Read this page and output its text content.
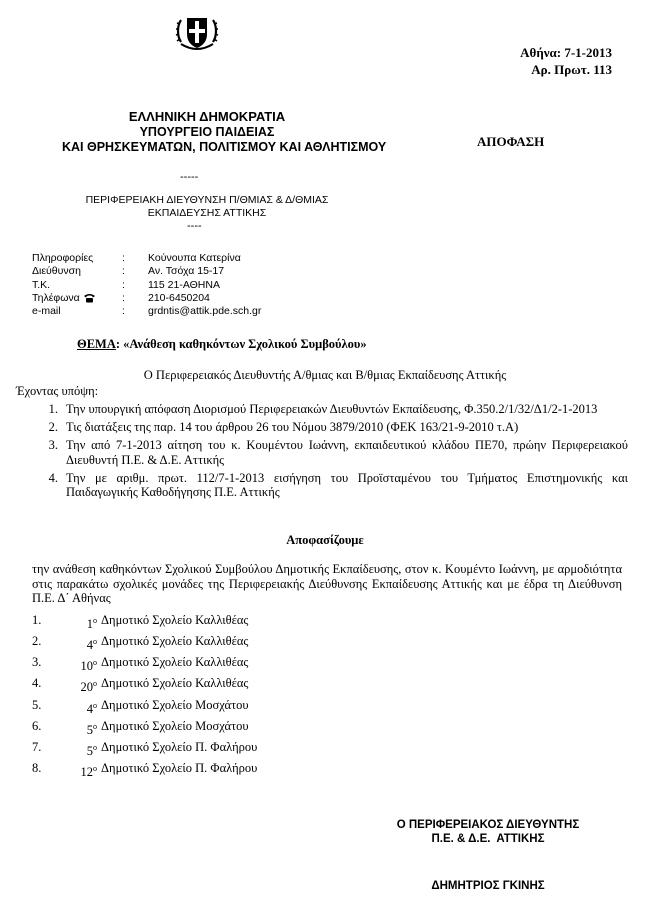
Αθήνα: 7-1-2013
Αρ. Πρωτ. 113
ΕΛΛΗΝΙΚΗ ΔΗΜΟΚΡΑΤΙΑ
ΥΠΟΥΡΓΕΙΟ ΠΑΙΔΕΙΑΣ
ΚΑΙ ΘΡΗΣΚΕΥΜΑΤΩΝ, ΠΟΛΙΤΙΣΜΟΥ ΚΑΙ ΑΘΛΗΤΙΣΜΟΥ	ΑΠΟΦΑΣΗ
-----
ΠΕΡΙΦΕΡΕΙΑΚΗ ΔΙΕΥΘΥΝΣΗ Π/ΘΜΙΑΣ & Δ/ΘΜΙΑΣ
ΕΚΠΑΙΔΕΥΣΗΣ ΑΤΤΙΚΗΣ
----
Πληροφορίες	:	Κούνουπα Κατερίνα
Διεύθυνση	:	Αν. Τσόχα 15-17
Τ.Κ.	:	115 21-ΑΘΗΝΑ
Τηλέφωνα	:	210-6450204
e-mail	:	grdntis@attik.pde.sch.gr
ΘΕΜΑ: «Ανάθεση καθηκόντων Σχολικού Συμβούλου»
Ο Περιφερειακός Διευθυντής Α/θμιας και Β/θμιας Εκπαίδευσης Αττικής
Έχοντας υπόψη:
1. Την υπουργική απόφαση Διορισμού Περιφερειακών Διευθυντών Εκπαίδευσης, Φ.350.2/1/32/Δ1/2-1-2013
2. Τις διατάξεις της παρ. 14 του άρθρου 26 του Νόμου 3879/2010 (ΦΕΚ 163/21-9-2010 τ.Α)
3. Την από 7-1-2013 αίτηση του κ. Κουμέντου Ιωάννη, εκπαιδευτικού κλάδου ΠΕ70, πρώην Περιφερειακού Διευθυντή Π.Ε. & Δ.Ε. Αττικής
4. Την με αριθμ. πρωτ. 112/7-1-2013 εισήγηση του Προϊσταμένου του Τμήματος Επιστημονικής και Παιδαγωγικής Καθοδήγησης Π.Ε. Αττικής
Αποφασίζουμε
την ανάθεση καθηκόντων Σχολικού Συμβούλου Δημοτικής Εκπαίδευσης, στον κ. Κουμέντο Ιωάννη, με αρμοδιότητα στις παρακάτω σχολικές μονάδες της Περιφερειακής Διεύθυνσης Εκπαίδευσης Αττικής και με έδρα τη Διεύθυνση Π.Ε. Δ΄ Αθήνας
1.	$1^o$ Δημοτικό Σχολείο Καλλιθέας
2.	$4^o$ Δημοτικό Σχολείο Καλλιθέας
3.	$10^o$ Δημοτικό Σχολείο Καλλιθέας
4.	$20^o$ Δημοτικό Σχολείο Καλλιθέας
5.	$4^o$ Δημοτικό Σχολείο Μοσχάτου
6.	$5^o$ Δημοτικό Σχολείο Μοσχάτου
7.	$5^o$ Δημοτικό Σχολείο Π. Φαλήρου
8.	$12^o$ Δημοτικό Σχολείο Π. Φαλήρου
Ο ΠΕΡΙΦΕΡΕΙΑΚΟΣ ΔΙΕΥΘΥΝΤΗΣ
Π.Ε. & Δ.Ε.  ΑΤΤΙΚΗΣ
ΔΗΜΗΤΡΙΟΣ ΓΚΙΝΗΣ
